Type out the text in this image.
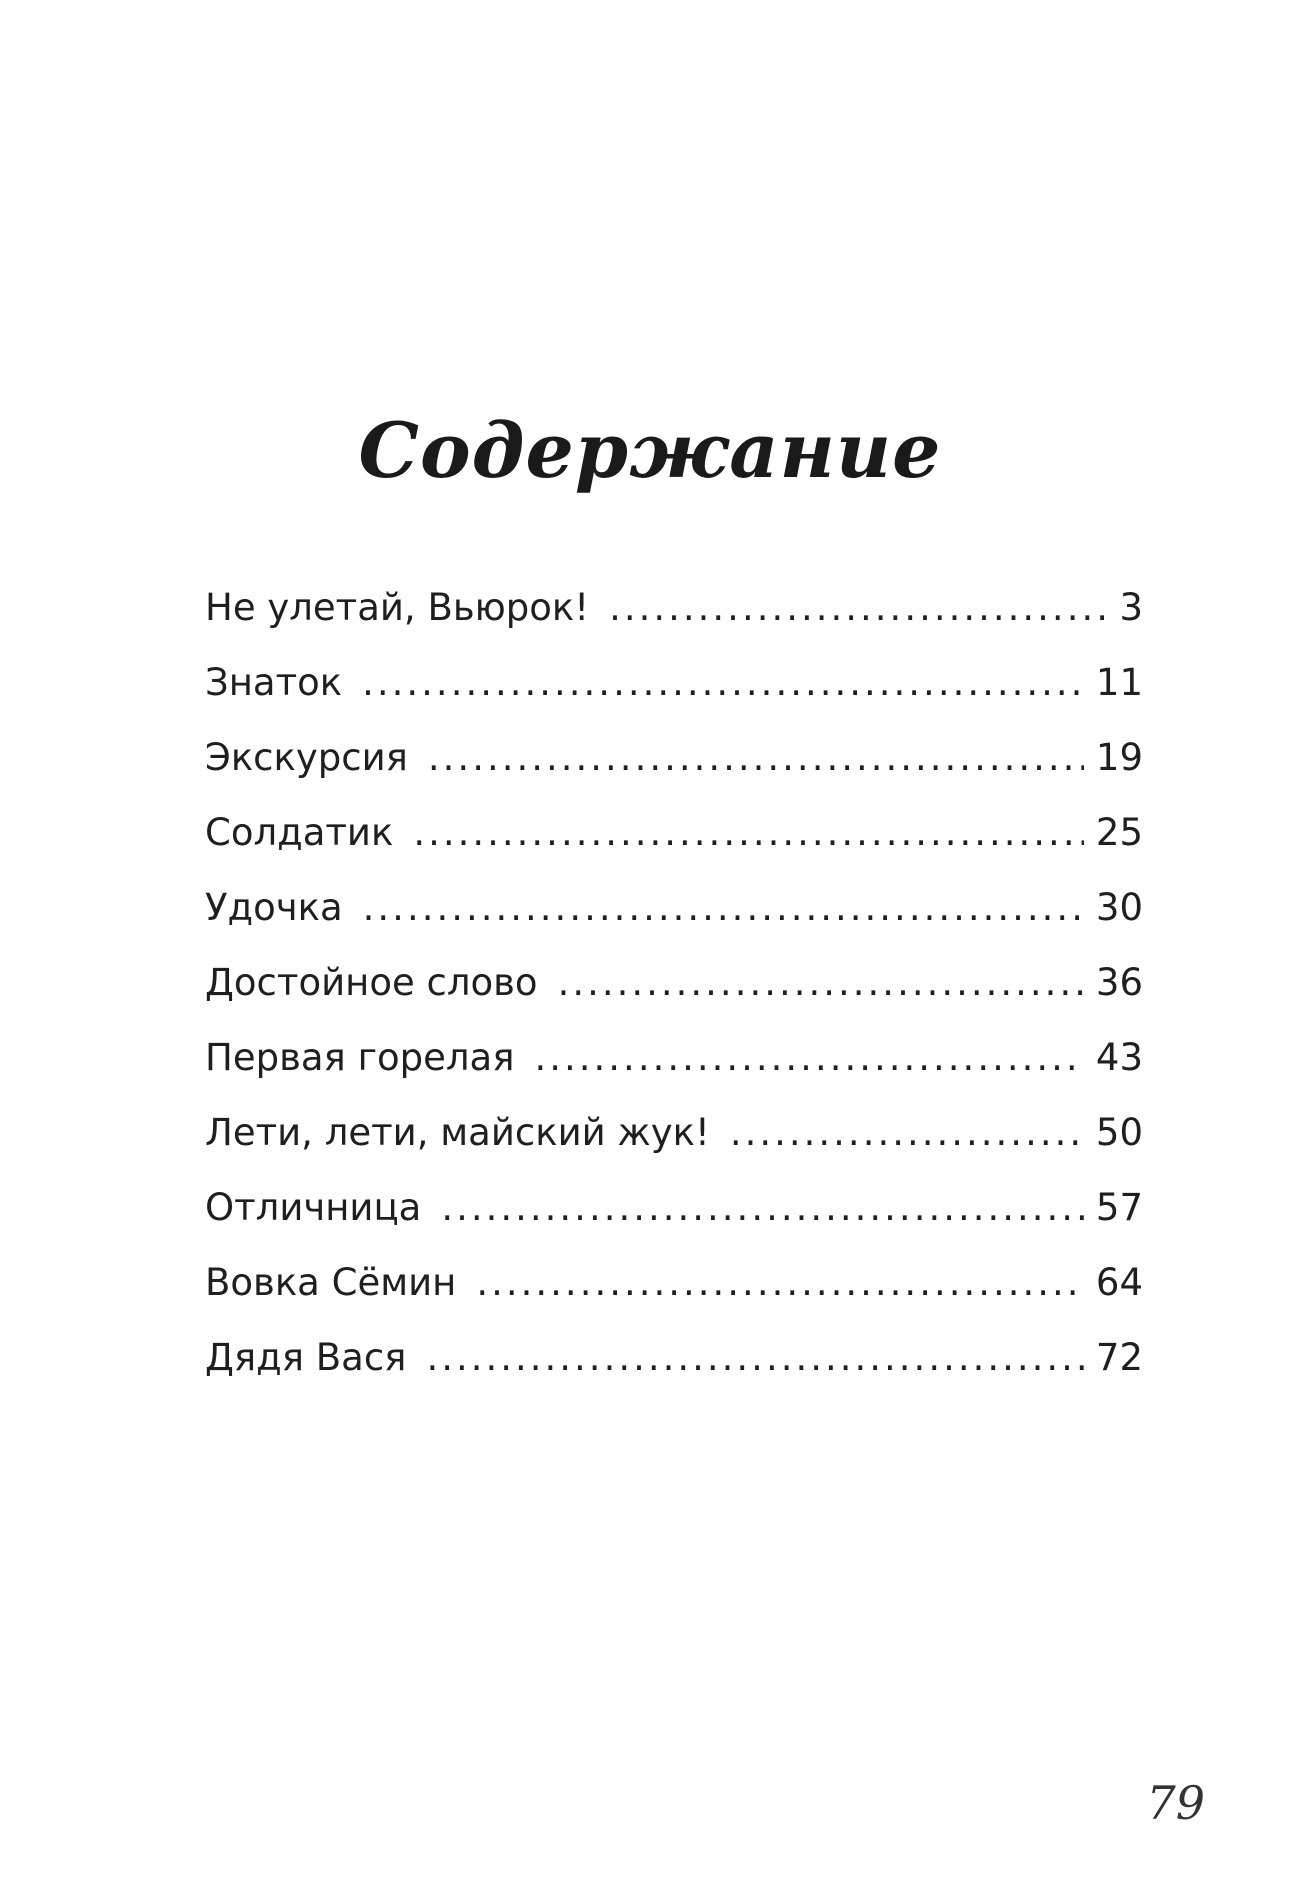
Содержание
Не улетай, Вьюрок! .....	3
Знаток .....	11
Экскурсия .....	19
Солдатик .....	25
Удочка .....	30
Достойное слово .....	36
Первая горелая .....	43
Лети, лети, майский жук! .....	50
Отличница .....	57
Вовка Сёмин .....	64
Дядя Вася .....	72
79
